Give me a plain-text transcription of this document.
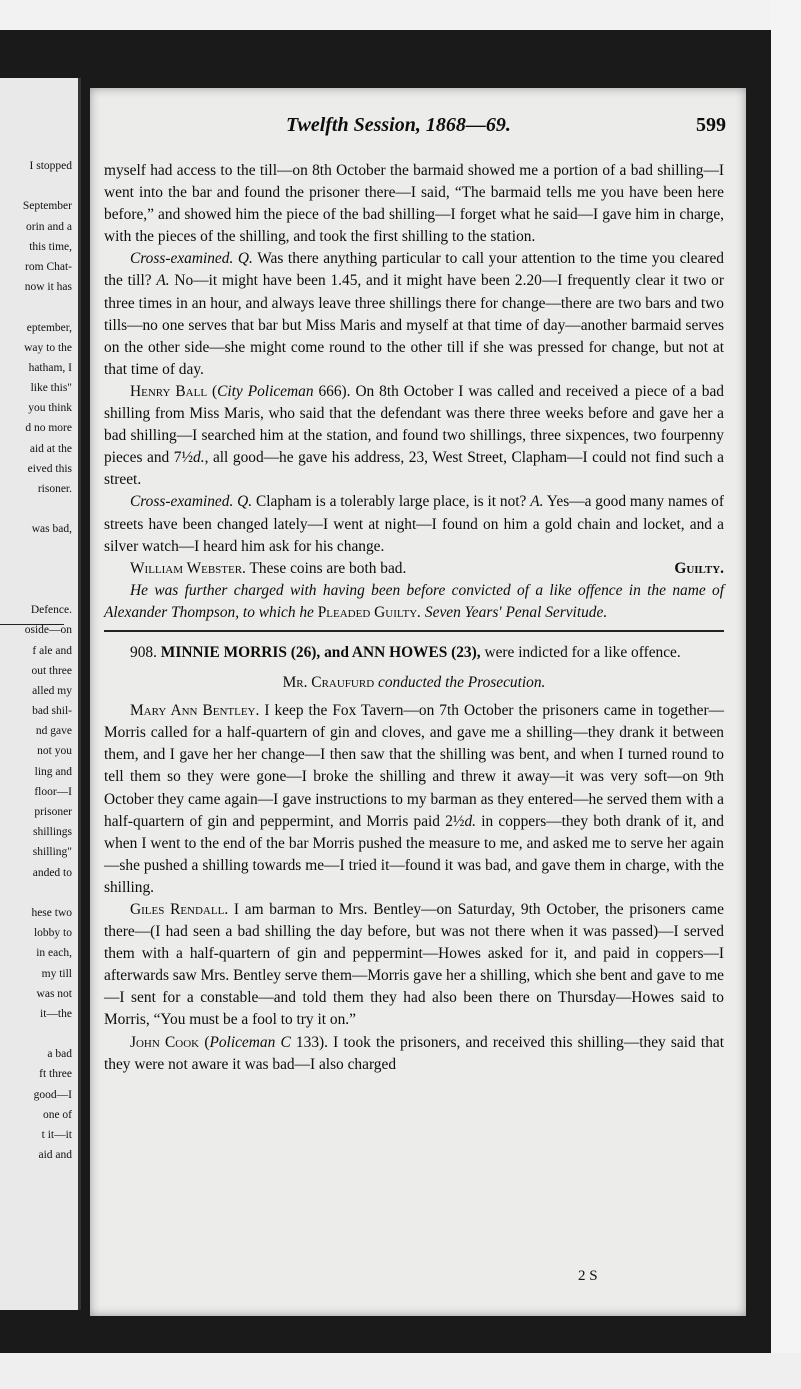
I stopped
September
orin and a
this time,
rom Chat-
now it has
eptember,
way to the
hatham, I
like this"
you think
d no more
aid at the
eived this
risoner.
was bad,
Defence.
oside—on
f ale and
out three
alled my
bad shil-
nd gave
not you
ling and
floor—I
prisoner
shillings
shilling"
anded to
hese two
lobby to
in each,
my till
was not
it—the
a bad
ft three
good—I
one of
t it—it
aid and
Twelfth Session, 1868—69.	599

myself had access to the till—on 8th October the barmaid showed me a portion of a bad shilling—I went into the bar and found the prisoner there—I said, “The barmaid tells me you have been here before,” and showed him the piece of the bad shilling—I forget what he said—I gave him in charge, with the pieces of the shilling, and took the first shilling to the station.

Cross-examined. Q. Was there anything particular to call your attention to the time you cleared the till? A. No—it might have been 1.45, and it might have been 2.20—I frequently clear it two or three times in an hour, and always leave three shillings there for change—there are two bars and two tills—no one serves that bar but Miss Maris and myself at that time of day—another barmaid serves on the other side—she might come round to the other till if she was pressed for change, but not at that time of day.

Henry Ball (City Policeman 666). On 8th October I was called and received a piece of a bad shilling from Miss Maris, who said that the defendant was there three weeks before and gave her a bad shilling—I searched him at the station, and found two shillings, three sixpences, two fourpenny pieces and 7½d., all good—he gave his address, 23, West Street, Clapham—I could not find such a street.

Cross-examined. Q. Clapham is a tolerably large place, is it not? A. Yes—a good many names of streets have been changed lately—I went at night—I found on him a gold chain and locket, and a silver watch—I heard him ask for his change.

William Webster. These coins are both bad.	Guilty.

He was further charged with having been before convicted of a like offence in the name of Alexander Thompson, to which he Pleaded Guilty. Seven Years' Penal Servitude.

908. MINNIE MORRIS (26), and ANN HOWES (23), were indicted for a like offence.

Mr. Craufurd conducted the Prosecution.

Mary Ann Bentley. I keep the Fox Tavern—on 7th October the prisoners came in together—Morris called for a half-quartern of gin and cloves, and gave me a shilling—they drank it between them, and I gave her her change—I then saw that the shilling was bent, and when I turned round to tell them so they were gone—I broke the shilling and threw it away—it was very soft—on 9th October they came again—I gave instructions to my barman as they entered—he served them with a half-quartern of gin and peppermint, and Morris paid 2½d. in coppers—they both drank of it, and when I went to the end of the bar Morris pushed the measure to me, and asked me to serve her again—she pushed a shilling towards me—I tried it—found it was bad, and gave them in charge, with the shilling.

Giles Rendall. I am barman to Mrs. Bentley—on Saturday, 9th October, the prisoners came there—(I had seen a bad shilling the day before, but was not there when it was passed)—I served them with a half-quartern of gin and peppermint—Howes asked for it, and paid in coppers—I afterwards saw Mrs. Bentley serve them—Morris gave her a shilling, which she bent and gave to me—I sent for a constable—and told them they had also been there on Thursday—Howes said to Morris, “You must be a fool to try it on.”

John Cook (Policeman C 133). I took the prisoners, and received this shilling—they said that they were not aware it was bad—I also charged

2 S
